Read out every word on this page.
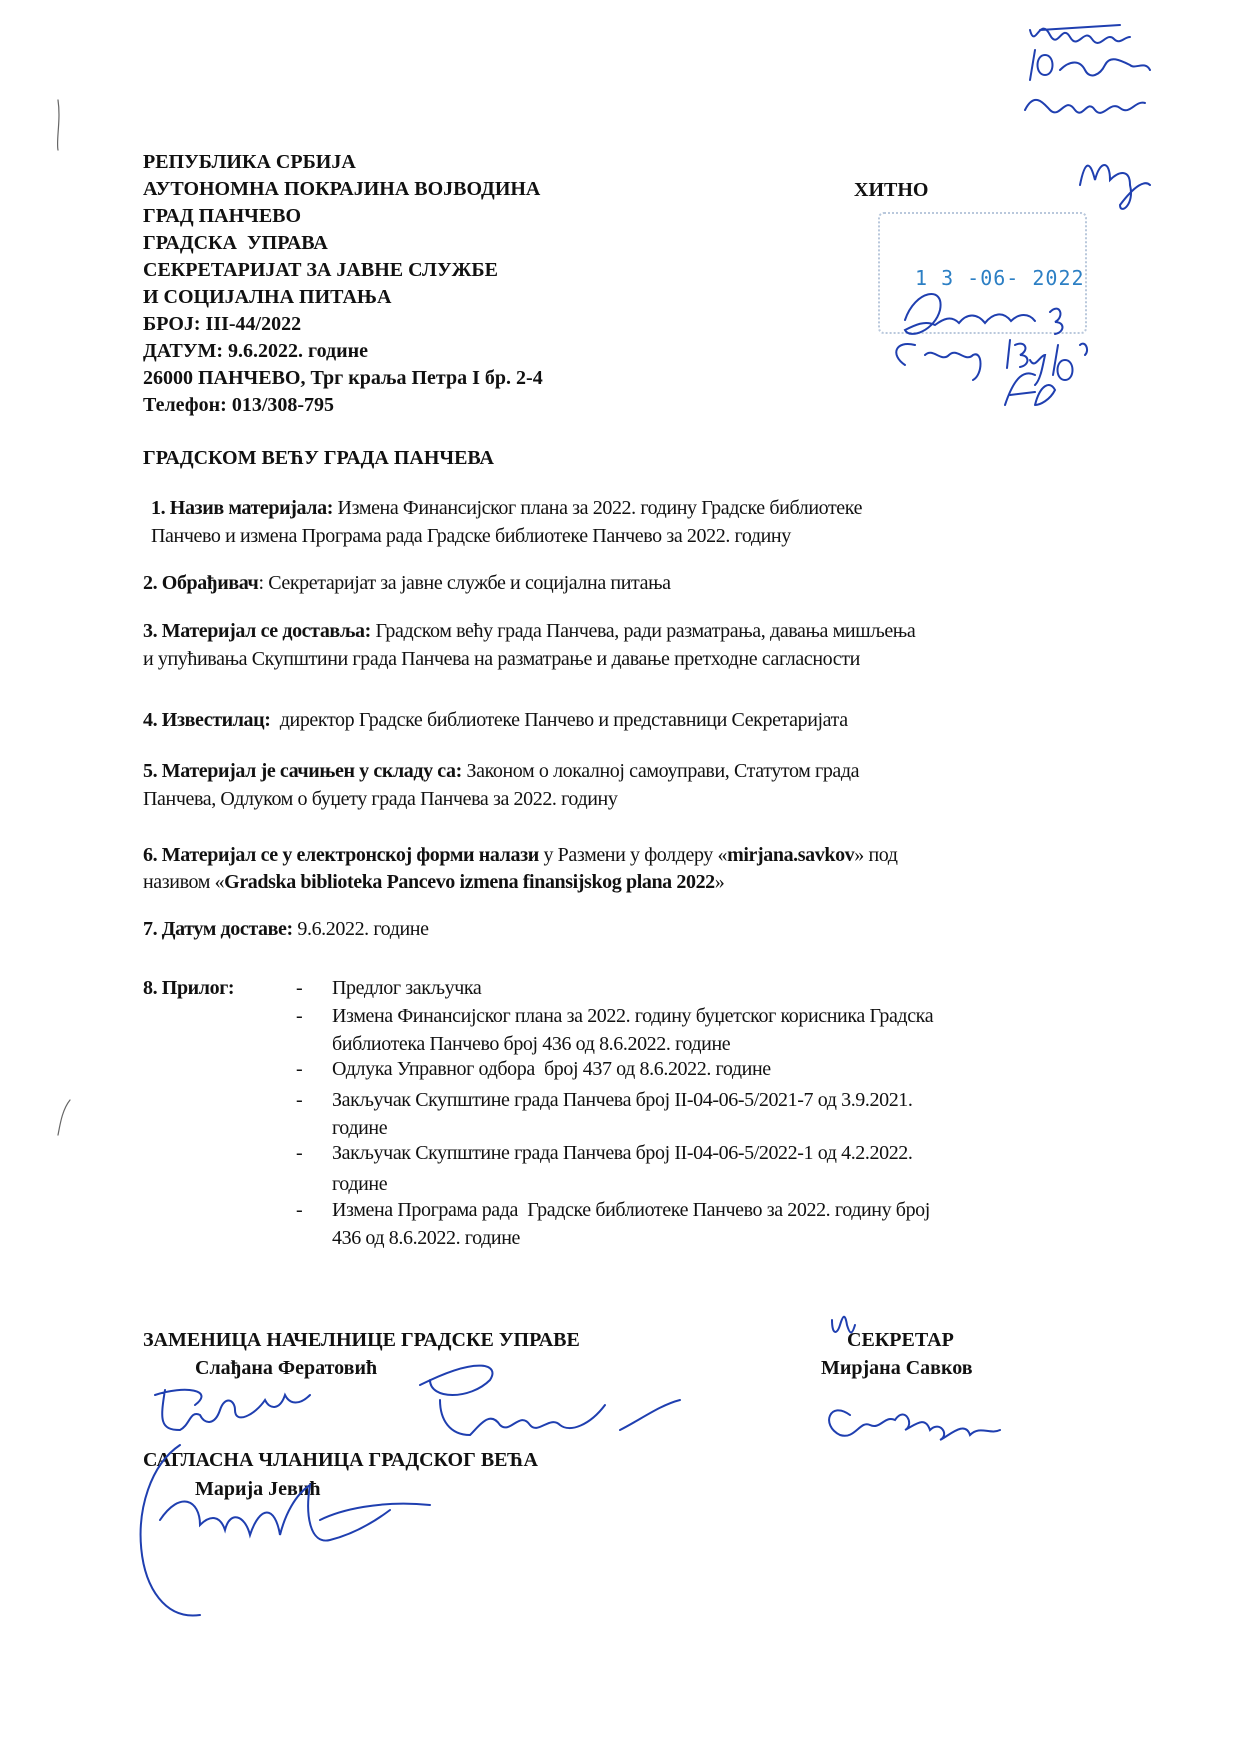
РЕПУБЛИКА СРБИЈА
АУТОНОМНА ПОКРАЈИНА ВОЈВОДИНА
ГРАД ПАНЧЕВО
ГРАДСКА  УПРАВА
СЕКРЕТАРИЈАТ ЗА ЈАВНЕ СЛУЖБЕ
И СОЦИЈАЛНА ПИТАЊА
БРОЈ: III-44/2022
ДАТУМ: 9.6.2022. године
26000 ПАНЧЕВО, Трг краља Петра I бр. 2-4
Телефон: 013/308-795
ХИТНО
ГРАДСКОМ ВЕЋУ ГРАДА ПАНЧЕВА
1 3 -06- 2022
1. Назив материјала: Измена Финансијског плана за 2022. годину Градске библиотеке
Панчево и измена Програма рада Градске библиотеке Панчево за 2022. годину
2. Обрађивач: Секретаријат за јавне службе и социјална питања
3. Материјал се доставља: Градском већу града Панчева, ради разматрања, давања мишљења
и упућивања Скупштини града Панчева на разматрање и давање претходне сагласности
4. Известилац:  директор Градске библиотеке Панчево и представници Секретаријата
5. Материјал је сачињен у складу са: Законом о локалној самоуправи, Статутом града
Панчева, Одлуком о буџету града Панчева за 2022. годину
6. Материјал се у електронској форми налази у Размени у фолдеру «mirjana.savkov» под
називом «Gradska biblioteka Pancevo izmena finansijskog plana 2022»
7. Датум доставе: 9.6.2022. године
8. Прилог:	- Предлог закључка
- Измена Финансијског плана за 2022. годину буџетског корисника Градска
библиотека Панчево број 436 од 8.6.2022. године
- Одлука Управног одбора  број 437 од 8.6.2022. године
- Закључак Скупштине града Панчева број II-04-06-5/2021-7 од 3.9.2021.
године
- Закључак Скупштине града Панчева број II-04-06-5/2022-1 од 4.2.2022.
године
- Измена Програма рада  Градске библиотеке Панчево за 2022. годину број
436 од 8.6.2022. године
ЗАМЕНИЦА НАЧЕЛНИЦЕ ГРАДСКЕ УПРАВЕ
Слађана Фератовић
САГЛАСНА ЧЛАНИЦА ГРАДСКОГ ВЕЋА
Марија Јевић
СЕКРЕТАР
Мирјана Савков
